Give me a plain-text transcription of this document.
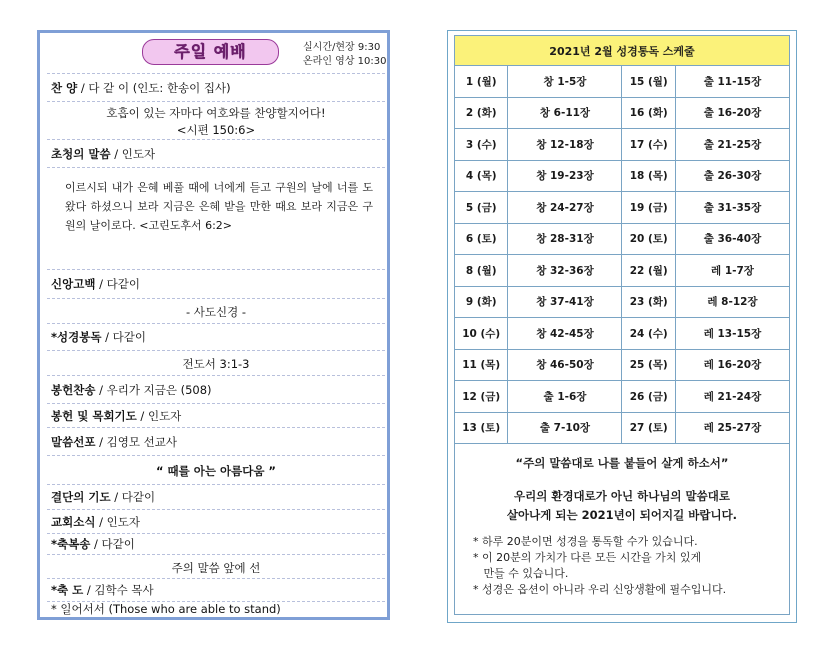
주일 예배	실시간/현장 9:30
온라인 영상 10:30
찬 양 / 다 같 이 (인도: 한송이 집사)
호흡이 있는 자마다 여호와를 찬양할지어다!
<시편 150:6>
초청의 말씀 / 인도자
이르시되 내가 은혜 베풀 때에 너에게 듣고 구원의 날에 너를 도왔다 하셨으니 보라 지금은 은혜 받을 만한 때요 보라 지금은 구원의 날이로다. <고린도후서 6:2>
신앙고백 / 다같이
- 사도신경 -
*성경봉독 / 다같이
전도서 3:1-3
봉헌찬송 / 우리가 지금은 (508)
봉헌 및 목회기도 / 인도자
말씀선포 / 김영모 선교사
“ 때를 아는 아름다움 ”
결단의 기도 / 다같이
교회소식 / 인도자
*축복송 / 다같이
주의 말씀 앞에 선
*축 도 / 김학수 목사
* 일어서서 (Those who are able to stand)
2021년 2월 성경통독 스케줄			
1 (월)	창 1-5장	15 (월)	출 11-15장
2 (화)	창 6-11장	16 (화)	출 16-20장
3 (수)	창 12-18장	17 (수)	출 21-25장
4 (목)	창 19-23장	18 (목)	출 26-30장
5 (금)	창 24-27장	19 (금)	출 31-35장
6 (토)	창 28-31장	20 (토)	출 36-40장
8 (월)	창 32-36장	22 (월)	레 1-7장
9 (화)	창 37-41장	23 (화)	레 8-12장
10 (수)	창 42-45장	24 (수)	레 13-15장
11 (목)	창 46-50장	25 (목)	레 16-20장
12 (금)	출 1-6장	26 (금)	레 21-24장
13 (토)	출 7-10장	27 (토)	레 25-27장
“주의 말씀대로 나를 붙들어 살게 하소서”
우리의 환경대로가 아닌 하나님의 말씀대로
살아나게 되는 2021년이 되어지길 바랍니다.
* 하루 20분이면 성경을 통독할 수가 있습니다.
* 이 20분의 가치가 다른 모든 시간을 가치 있게
만들 수 있습니다.
* 성경은 옵션이 아니라 우리 신앙생활에 필수입니다.
